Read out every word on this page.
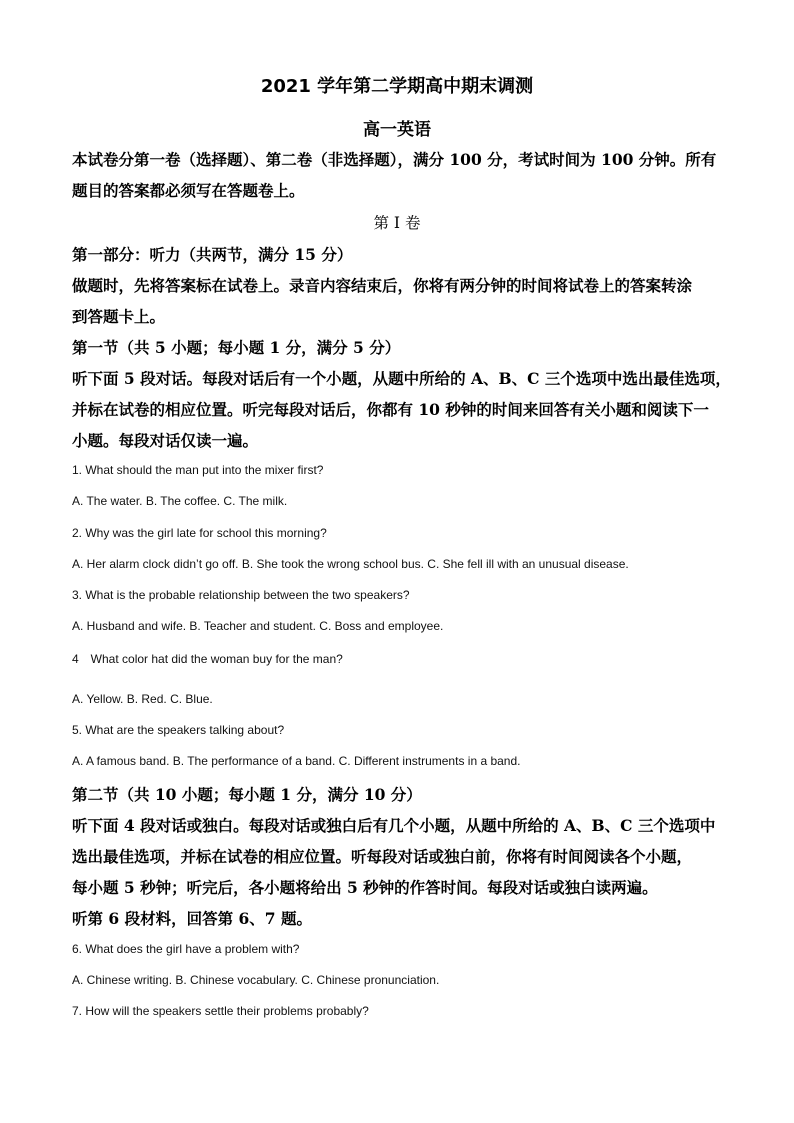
2021 学年第二学期高中期末调测
高一英语
本试卷分第一卷（选择题）、第二卷（非选择题），满分 100 分，考试时间为 100 分钟。所有
题目的答案都必须写在答题卷上。
第 I 卷
第一部分：听力（共两节，满分 15 分）
做题时，先将答案标在试卷上。录音内容结束后，你将有两分钟的时间将试卷上的答案转涂
到答题卡上。
第一节（共 5 小题；每小题 1 分，满分 5 分）
听下面 5 段对话。每段对话后有一个小题，从题中所给的 A、B、C 三个选项中选出最佳选项，
并标在试卷的相应位置。听完每段对话后，你都有 10 秒钟的时间来回答有关小题和阅读下一
小题。每段对话仅读一遍。
1. What should the man put into the mixer first?
A. The water. B. The coffee. C. The milk.
2. Why was the girl late for school this morning?
A. Her alarm clock didn’t go off. B. She took the wrong school bus. C. She fell ill with an unusual disease.
3. What is the probable relationship between the two speakers?
A. Husband and wife. B. Teacher and student. C. Boss and employee.
4　What color hat did the woman buy for the man?
A. Yellow. B. Red. C. Blue.
5. What are the speakers talking about?
A. A famous band. B. The performance of a band. C. Different instruments in a band.
第二节（共 10 小题；每小题 1 分，满分 10 分）
听下面 4 段对话或独白。每段对话或独白后有几个小题，从题中所给的 A、B、C 三个选项中
选出最佳选项，并标在试卷的相应位置。听每段对话或独白前，你将有时间阅读各个小题，
每小题 5 秒钟；听完后，各小题将给出 5 秒钟的作答时间。每段对话或独白读两遍。
听第 6 段材料，回答第 6、7 题。
6. What does the girl have a problem with?
A. Chinese writing. B. Chinese vocabulary. C. Chinese pronunciation.
7. How will the speakers settle their problems probably?
